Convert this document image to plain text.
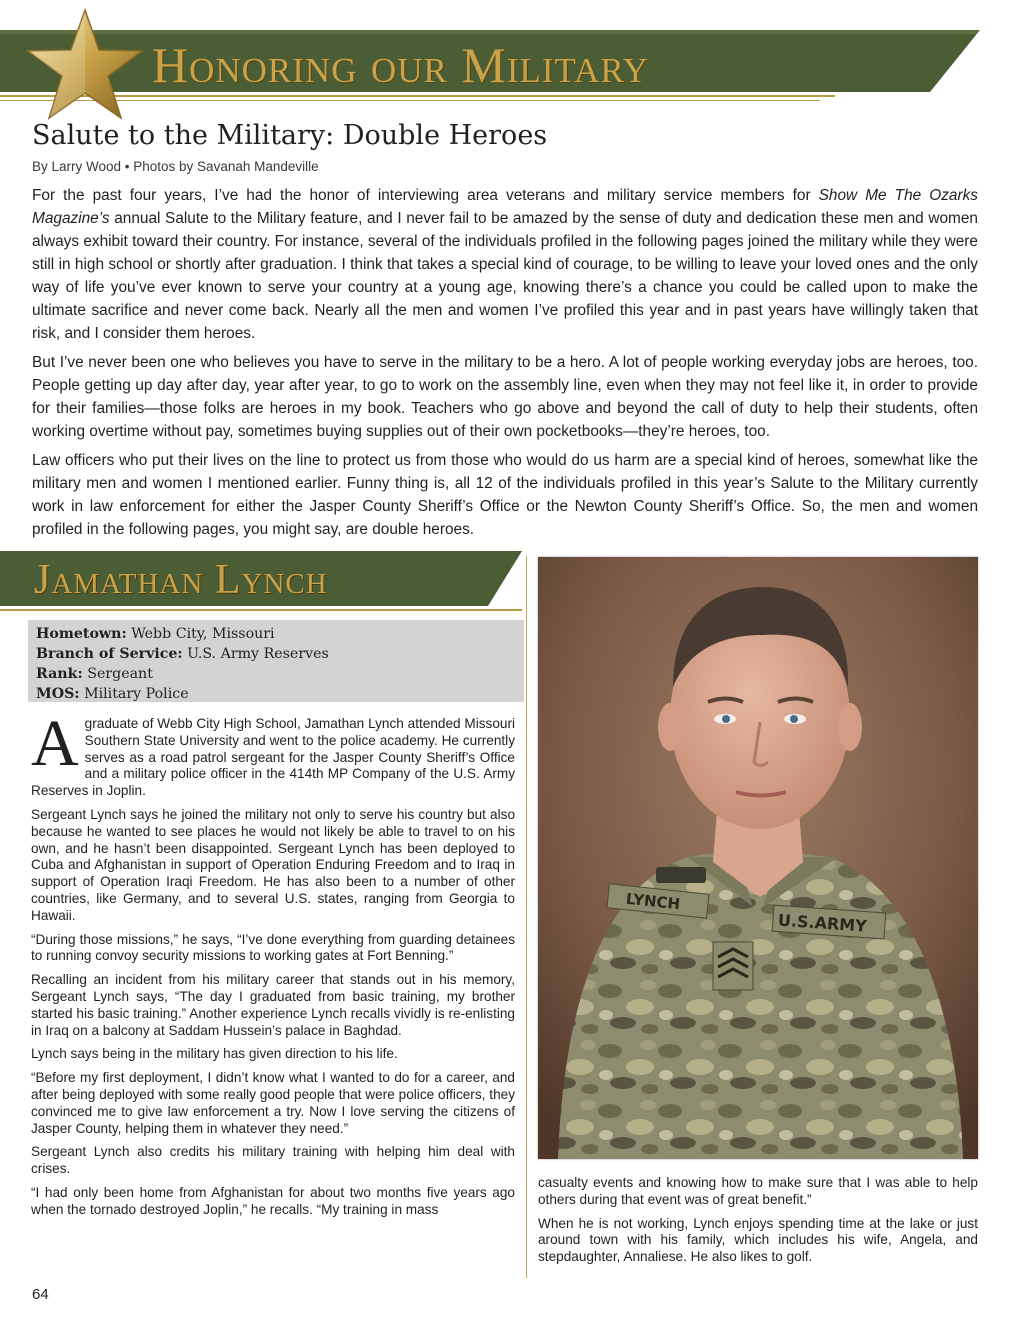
Honoring our Military
Salute to the Military: Double Heroes
By Larry Wood • Photos by Savanah Mandeville

For the past four years, I’ve had the honor of interviewing area veterans and military service members for Show Me The Ozarks Magazine’s annual Salute to the Military feature, and I never fail to be amazed by the sense of duty and dedication these men and women always exhibit toward their country. For instance, several of the individuals profiled in the following pages joined the military while they were still in high school or shortly after graduation. I think that takes a special kind of courage, to be willing to leave your loved ones and the only way of life you’ve ever known to serve your country at a young age, knowing there’s a chance you could be called upon to make the ultimate sacrifice and never come back. Nearly all the men and women I’ve profiled this year and in past years have willingly taken that risk, and I consider them heroes.

But I’ve never been one who believes you have to serve in the military to be a hero. A lot of people working everyday jobs are heroes, too. People getting up day after day, year after year, to go to work on the assembly line, even when they may not feel like it, in order to provide for their families—those folks are heroes in my book. Teachers who go above and beyond the call of duty to help their students, often working overtime without pay, sometimes buying supplies out of their own pocketbooks—they’re heroes, too.

Law officers who put their lives on the line to protect us from those who would do us harm are a special kind of heroes, somewhat like the military men and women I mentioned earlier. Funny thing is, all 12 of the individuals profiled in this year’s Salute to the Military currently work in law enforcement for either the Jasper County Sheriff’s Office or the Newton County Sheriff’s Office. So, the men and women profiled in the following pages, you might say, are double heroes.

Jamathan Lynch
Hometown: Webb City, Missouri
Branch of Service: U.S. Army Reserves
Rank: Sergeant
MOS: Military Police

Agraduate of Webb City High School, Jamathan Lynch attended Missouri Southern State University and went to the police academy. He currently serves as a road patrol sergeant for the Jasper County Sheriff’s Office and a military police officer in the 414th MP Company of the U.S. Army Reserves in Joplin.

Sergeant Lynch says he joined the military not only to serve his country but also because he wanted to see places he would not likely be able to travel to on his own, and he hasn’t been disappointed. Sergeant Lynch has been deployed to Cuba and Afghanistan in support of Operation Enduring Freedom and to Iraq in support of Operation Iraqi Freedom. He has also been to a number of other countries, like Germany, and to several U.S. states, ranging from Georgia to Hawaii.

“During those missions,” he says, “I’ve done everything from guarding detainees to running convoy security missions to working gates at Fort Benning.”

Recalling an incident from his military career that stands out in his memory, Sergeant Lynch says, “The day I graduated from basic training, my brother started his basic training.” Another experience Lynch recalls vividly is re-enlisting in Iraq on a balcony at Saddam Hussein’s palace in Baghdad.

Lynch says being in the military has given direction to his life.

“Before my first deployment, I didn’t know what I wanted to do for a career, and after being deployed with some really good people that were police officers, they convinced me to give law enforcement a try. Now I love serving the citizens of Jasper County, helping them in whatever they need.”

Sergeant Lynch also credits his military training with helping him deal with crises.

“I had only been home from Afghanistan for about two months five years ago when the tornado destroyed Joplin,” he recalls. “My training in mass

LYNCH
U.S.ARMY

casualty events and knowing how to make sure that I was able to help others during that event was of great benefit.”

When he is not working, Lynch enjoys spending time at the lake or just around town with his family, which includes his wife, Angela, and stepdaughter, Annaliese. He also likes to golf.

64
